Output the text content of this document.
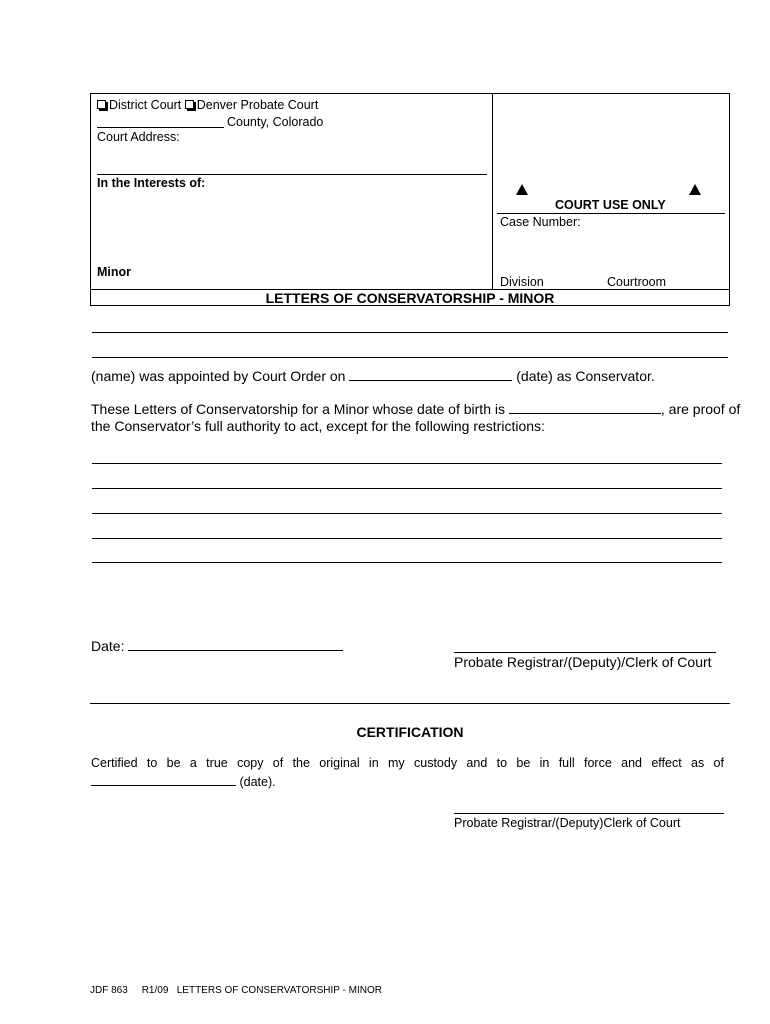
District Court Denver Probate Court
County, Colorado
Court Address:
In the Interests of:
Minor
COURT USE ONLY
Case Number:
Division	Courtroom
LETTERS OF CONSERVATORSHIP - MINOR
(name) was appointed by Court Order on	(date) as Conservator.
These Letters of Conservatorship for a Minor whose date of birth is	, are proof of
the Conservator’s full authority to act, except for the following restrictions:
Date:
Probate Registrar/(Deputy)/Clerk of Court
CERTIFICATION
Certified to be a true copy of the original in my custody and to be in full force and effect as of
(date).
Probate Registrar/(Deputy)Clerk of Court
JDF 863 R1/09 LETTERS OF CONSERVATORSHIP - MINOR
